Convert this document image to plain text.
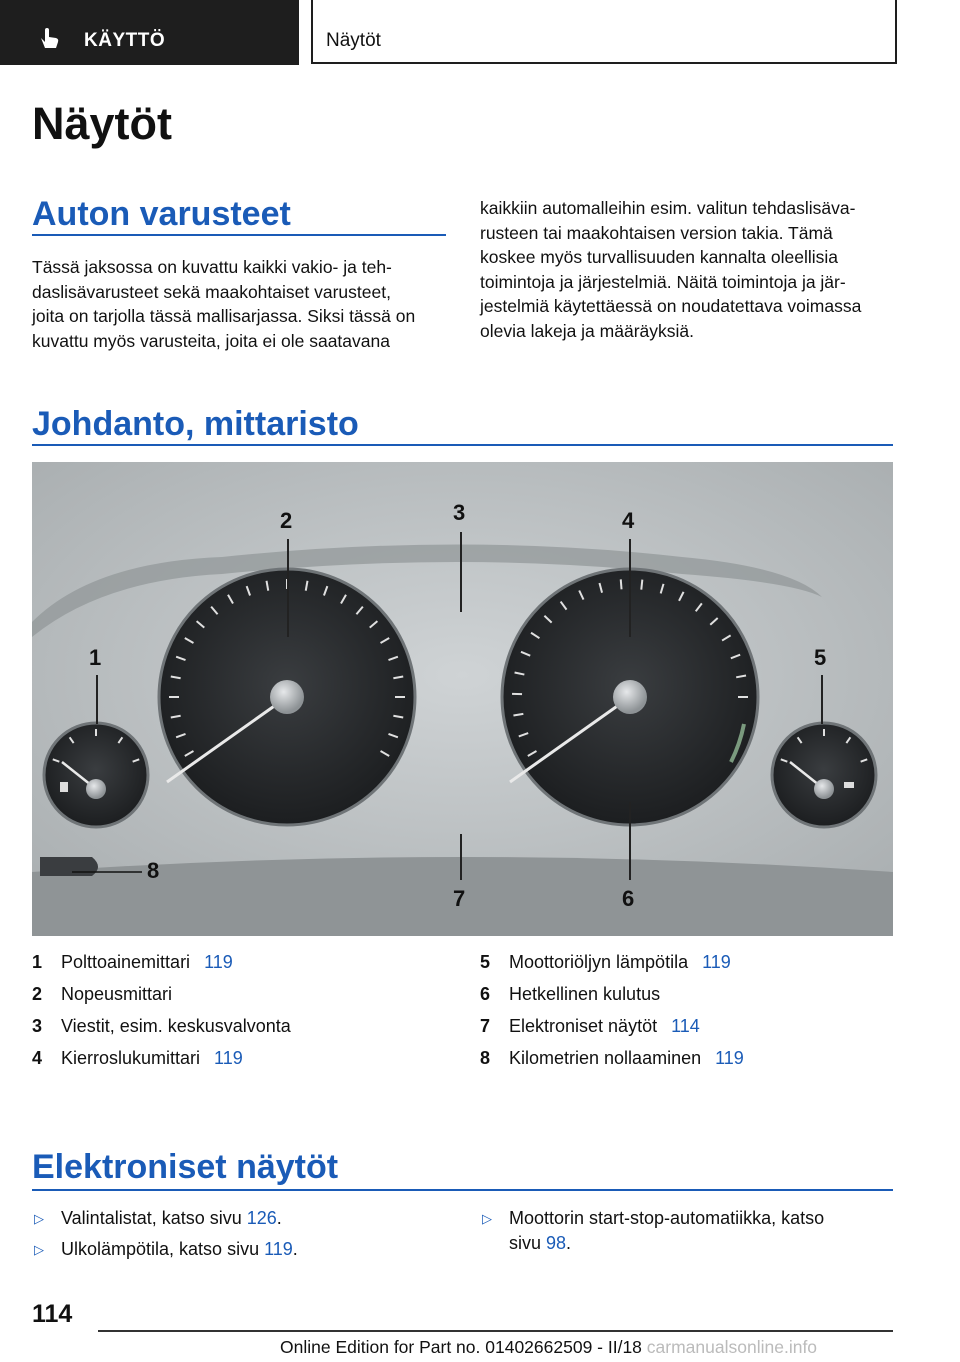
KÄYTTÖ	Näytöt
Näytöt
Auton varusteet
Tässä jaksossa on kuvattu kaikki vakio- ja teh‐
daslisävarusteet sekä maakohtaiset varusteet,
joita on tarjolla tässä mallisarjassa. Siksi tässä on
kuvattu myös varusteita, joita ei ole saatavana
kaikkiin automalleihin esim. valitun tehdaslisäva‐
rusteen tai maakohtaisen version takia. Tämä
koskee myös turvallisuuden kannalta oleellisia
toimintoja ja järjestelmiä. Näitä toimintoja ja jär‐
jestelmiä käytettäessä on noudatettava voimassa
olevia lakeja ja määräyksiä.
Johdanto, mittaristo
1
2	3	4
5
6
7
8
1 Polttoainemittari 119
2 Nopeusmittari
3 Viestit, esim. keskusvalvonta
4 Kierroslukumittari 119
5 Moottoriöljyn lämpötila 119
6 Hetkellinen kulutus
7 Elektroniset näytöt 114
8 Kilometrien nollaaminen 119
Elektroniset näytöt
▷ Valintalistat, katso sivu 126.
▷ Ulkolämpötila, katso sivu 119.
▷ Moottorin start-stop-automatiikka, katso
sivu 98.
114
Online Edition for Part no. 01402662509 - II/18 carmanualsonline.info
